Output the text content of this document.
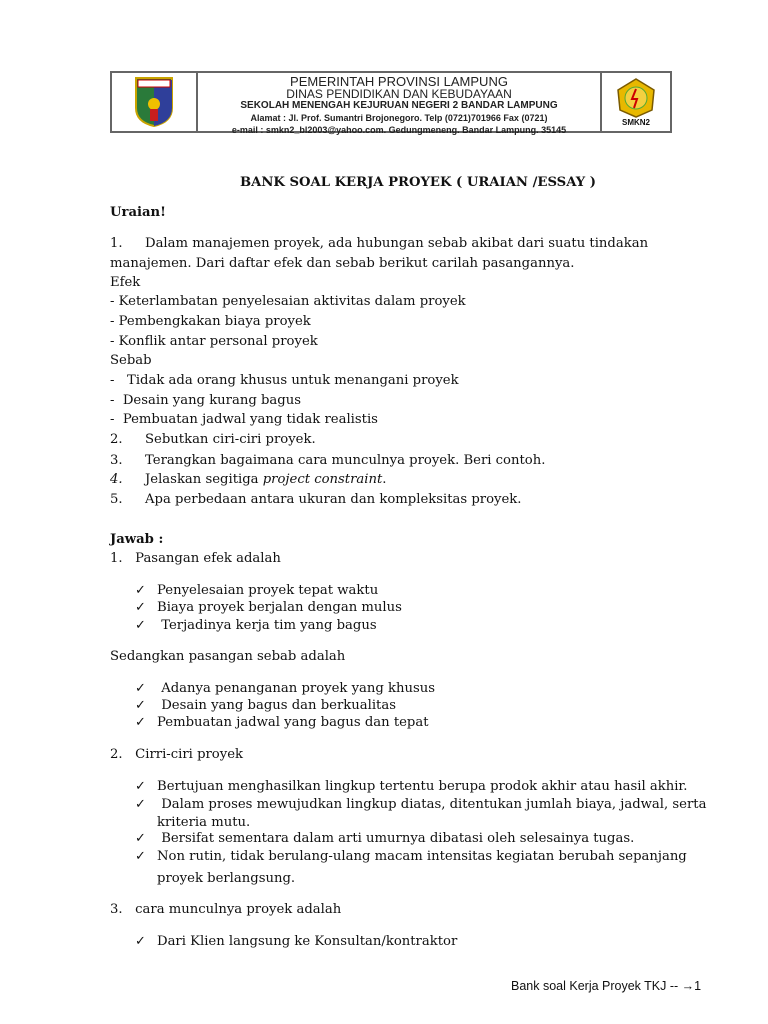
PEMERINTAH PROVINSI LAMPUNG
DINAS PENDIDIKAN DAN KEBUDAYAAN
SEKOLAH MENENGAH KEJURUAN NEGERI 2 BANDAR LAMPUNG
Alamat : Jl. Prof. Sumantri Brojonegoro. Telp (0721)701966 Fax (0721)
e-mail : smkn2_bl2003@yahoo.com. Gedungmeneng. Bandar Lampung. 35145
SMKN2
BANK SOAL KERJA PROYEK ( URAIAN /ESSAY )
Uraian!
1. Dalam manajemen proyek, ada hubungan sebab akibat dari suatu tindakan
manajemen. Dari daftar efek dan sebab berikut carilah pasangannya.
Efek
- Keterlambatan penyelesaian aktivitas dalam proyek
- Pembengkakan biaya proyek
- Konflik antar personal proyek
Sebab
-   Tidak ada orang khusus untuk menangani proyek
-  Desain yang kurang bagus
-  Pembuatan jadwal yang tidak realistis
2. Sebutkan ciri-ciri proyek.
3. Terangkan bagaimana cara munculnya proyek. Beri contoh.
4. Jelaskan segitiga project constraint.
5. Apa perbedaan antara ukuran dan kompleksitas proyek.
Jawab :
1.   Pasangan efek adalah
✓ Penyelesaian proyek tepat waktu
✓ Biaya proyek berjalan dengan mulus
✓ Terjadinya kerja tim yang bagus
Sedangkan pasangan sebab adalah
✓ Adanya penanganan proyek yang khusus
✓ Desain yang bagus dan berkualitas
✓ Pembuatan jadwal yang bagus dan tepat
2.   Cirri-ciri proyek
✓ Bertujuan menghasilkan lingkup tertentu berupa prodok akhir atau hasil akhir.
✓ Dalam proses mewujudkan lingkup diatas, ditentukan jumlah biaya, jadwal, serta
kriteria mutu.
✓ Bersifat sementara dalam arti umurnya dibatasi oleh selesainya tugas.
✓ Non rutin, tidak berulang-ulang macam intensitas kegiatan berubah sepanjang
proyek berlangsung.
3.   cara munculnya proyek adalah
✓ Dari Klien langsung ke Konsultan/kontraktor
Bank soal Kerja Proyek TKJ -- →1
